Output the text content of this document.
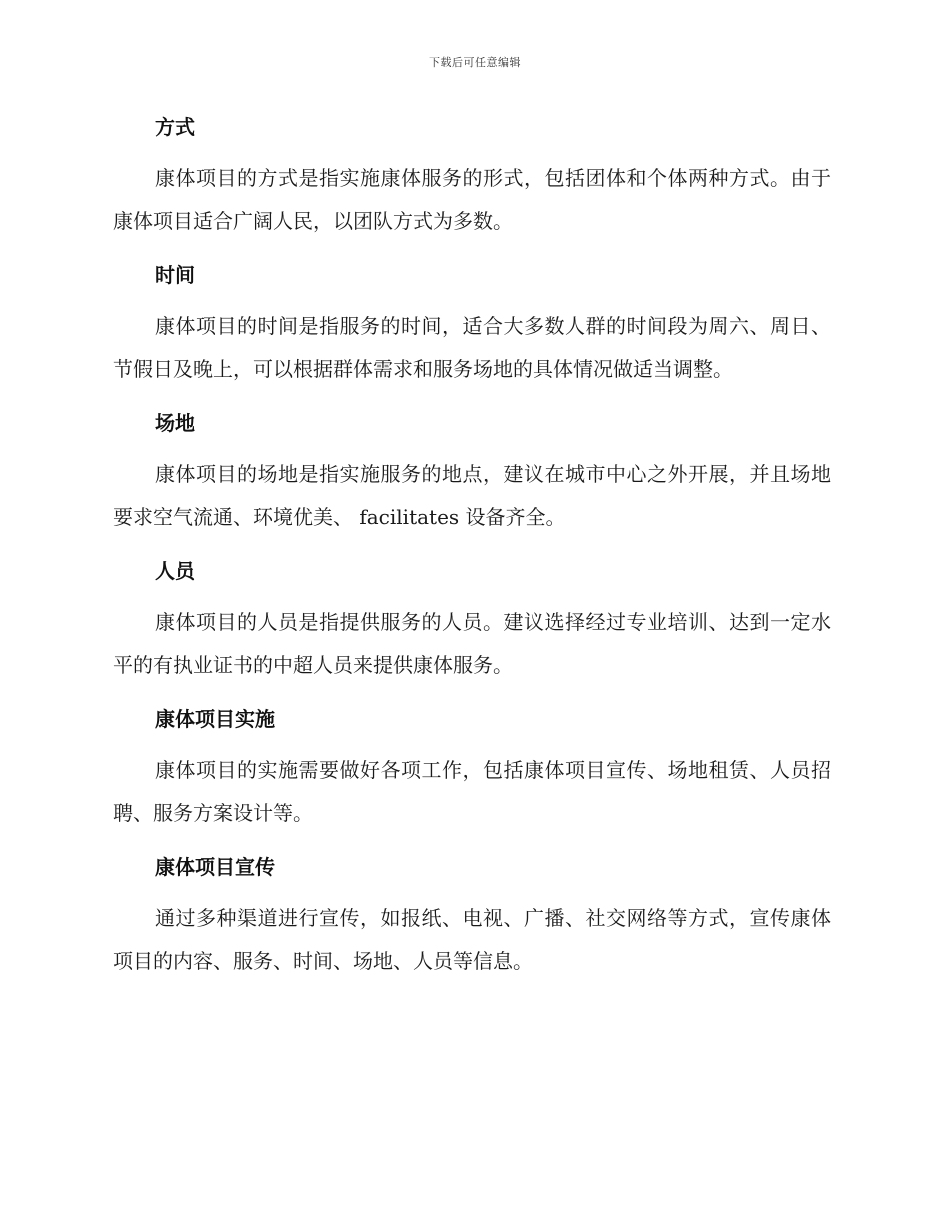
下载后可任意编辑
方式

康体项目的方式是指实施康体服务的形式，包括团体和个体两种方式。由于康体项目适合广阔人民，以团队方式为多数。

时间

康体项目的时间是指服务的时间，适合大多数人群的时间段为周六、周日、节假日及晚上，可以根据群体需求和服务场地的具体情况做适当调整。

场地

康体项目的场地是指实施服务的地点，建议在城市中心之外开展，并且场地要求空气流通、环境优美、 facilitates 设备齐全。

人员

康体项目的人员是指提供服务的人员。建议选择经过专业培训、达到一定水平的有执业证书的中超人员来提供康体服务。

康体项目实施

康体项目的实施需要做好各项工作，包括康体项目宣传、场地租赁、人员招聘、服务方案设计等。

康体项目宣传

通过多种渠道进行宣传，如报纸、电视、广播、社交网络等方式，宣传康体项目的内容、服务、时间、场地、人员等信息。
